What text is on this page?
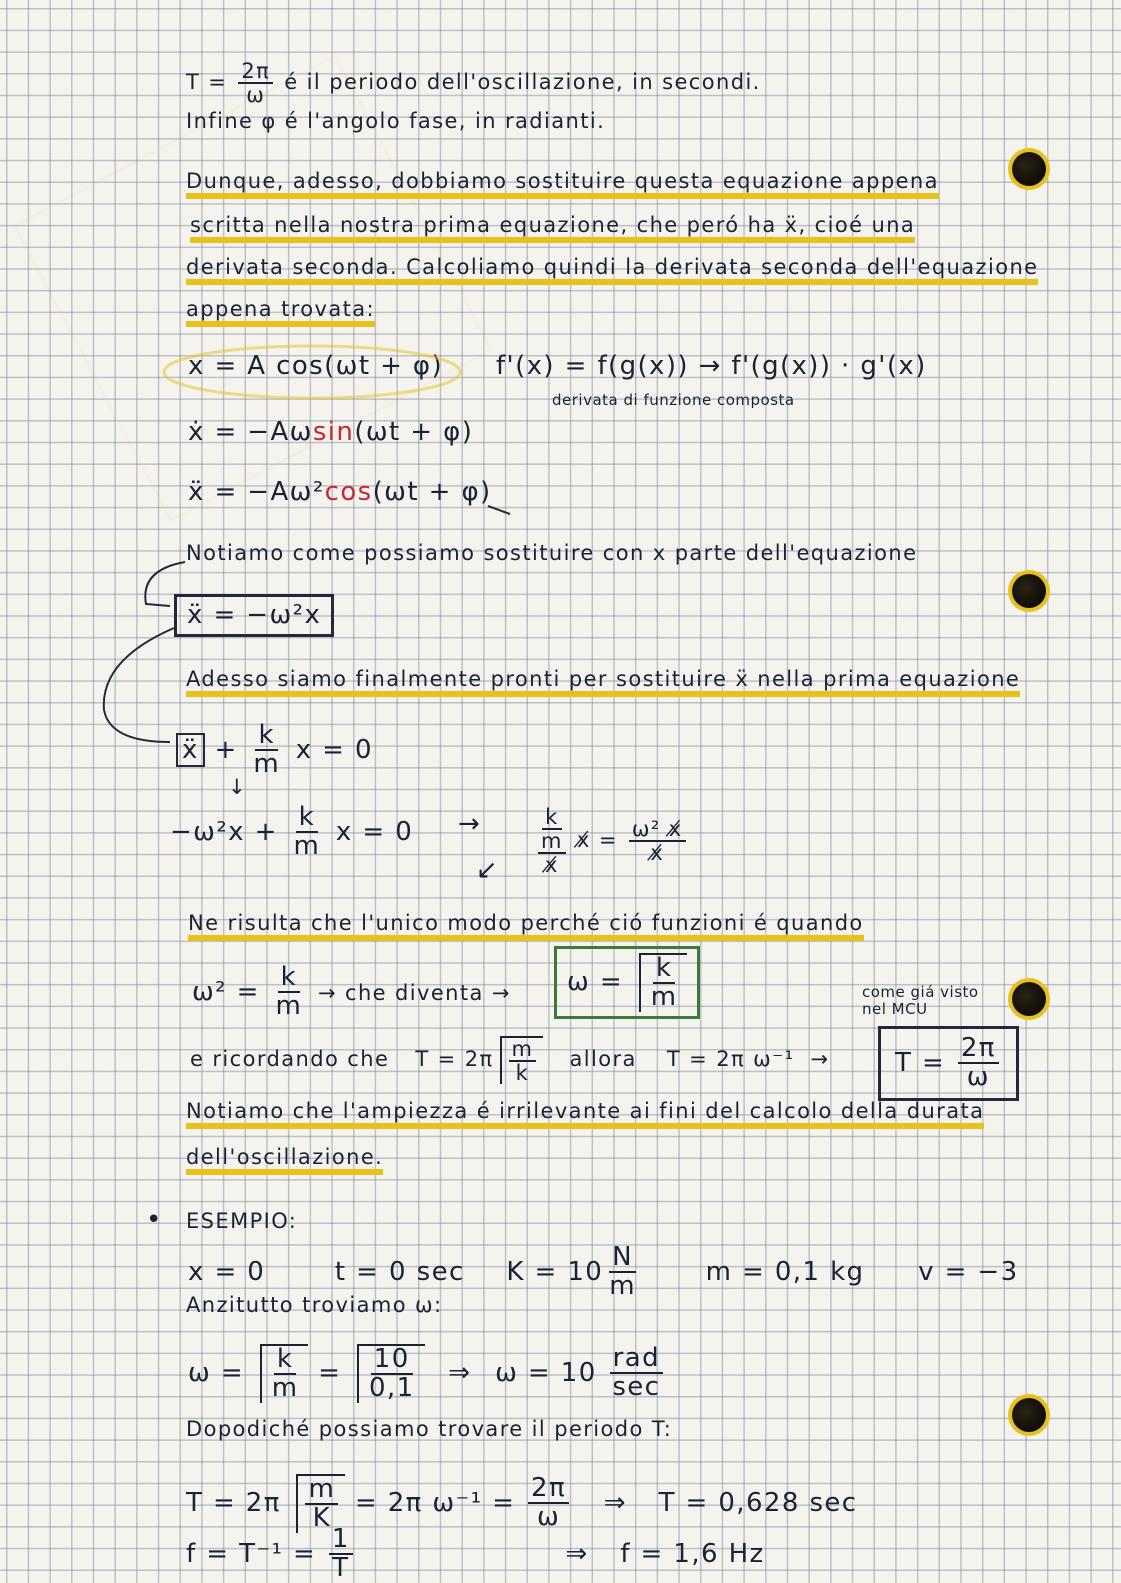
$T = \frac{2\pi}{\omega}$ é il periodo dell'oscillazione, in secondi.
Infine φ é l'angolo fase, in radianti.
Dunque, adesso, dobbiamo sostituire questa equazione appena
scritta nella nostra prima equazione, che peró ha ẍ, cioé una
derivata seconda. Calcoliamo quindi la derivata seconda dell'equazione
appena trovata:
x = A cos(ωt + φ) f'(x) = f(g(x)) → f'(g(x)) · g'(x)
derivata di funzione composta
ẋ = −Aωsin(ωt + φ)
ẍ = −Aω²cos(ωt + φ)
Notiamo come possiamo sostituire con x parte dell'equazione
ẍ = −ω²x
Adesso siamo finalmente pronti per sostituire ẍ nella prima equazione
ẍ + $\frac{k}{m}$ x = 0
↓
$-\omega^2x + \frac{k}{m}$ x = 0 →	k
m
x̸
x̸ = $\frac{\text{ω² x̸}}{x̸}$
↙
Ne risulta che l'unico modo perché ció funzioni é quando
$\omega^2 = \frac{k}{m}$ → che diventa →	$\omega = \frac{k}{m}$	come giá visto nel MCU
e ricordando che $T = 2\pi \frac{m}{k}$ allora T = 2π ω⁻¹ →	$T = \frac{2\pi}{\omega}$
Notiamo che l'ampiezza é irrilevante ai fini del calcolo della durata
dell'oscillazione.
• ESEMPIO:
x = 0	t = 0 $\sec K = 10 \frac{N}{m}$	m = 0,1 kg v = −3
Anzitutto troviamo ω:
$\omega = \frac{k}{m} = \frac{10}{0,1}$ ⇒ ω = 10 rad
sec
Dopodiché possiamo trovare il periodo T:
$T = 2\pi \frac{m}{K} = 2\pi$ $\omega^{-1} = \frac{2\pi}{\omega}$ ⇒ T = 0,628 sec
$f = T^{-1} = \frac{1}{T}$	⇒ f = 1,6 Hz
